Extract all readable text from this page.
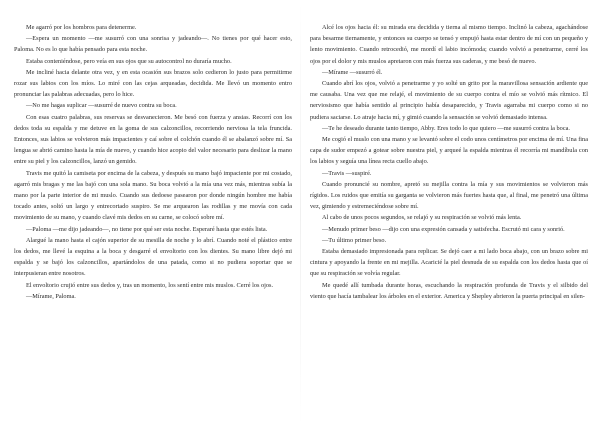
Me agarró por los hombros para detenerme.

—Espera un momento —me susurró con una sonrisa y jadeando—. No tienes por qué hacer esto, Paloma. No es lo que había pensado para esta noche.

Estaba conteniéndose, pero veía en sus ojos que su autocontrol no duraría mucho.

Me incliné hacia delante otra vez, y en esta ocasión sus brazos solo cedieron lo justo para permitirme rozar sus labios con los míos. Lo miré con las cejas arqueadas, decidida. Me llevó un momento entro pronunciar las palabras adecuadas, pero lo hice.

—No me hagas suplicar —susurré de nuevo contra su boca.

Con esas cuatro palabras, sus reservas se desvanecieron. Me besó con fuerza y ansias. Recorrí con los dedos toda su espalda y me detuve en la goma de sus calzoncillos, recorriendo nerviosa la tela fruncida. Entonces, sus labios se volvieron más impacientes y caí sobre el colchón cuando él se abalanzó sobre mí. Sa lengua se abrió camino hasta la mía de nuevo, y cuando hice acopio del valor necesario para deslizar la mano entre su piel y los calzoncillos, lanzó un gemido.

Travis me quitó la camiseta por encima de la cabeza, y después su mano bajó impaciente por mi costado, agarró mis bragas y me las bajó con una sola mano. Su boca volvió a la mía una vez más, mientras subía la mano por la parte interior de mi muslo. Cuando sus dedoese pasearon por donde ningún hombre me había tocado antes, soltó un largo y entrecortado suspiro. Se me arquearon las rodillas y me movía con cada movimiento de su mano, y cuando clavé mis dedos en su carne, se colocó sobre mí.

—Paloma —me dijo jadeando—, no tiene por qué ser esta noche. Esperaré hasta que estés lista.

Alargué la mano hasta el cajón superior de su mesilla de noche y lo abrí. Cuando noté el plástico entre los dedos, me llevé la esquina a la boca y desgarré el envoltorio con los dientes. Su mano libre dejó mi espalda y se bajó los calzoncillos, apartándolos de una patada, como si no pudiera soportar que se interpusieran entre nosotros.

El envoltorio crujió entre sus dedos y, tras un momento, los sentí entre mis muslos. Cerré los ojos.

—Mírame, Paloma.

Alcé los ojos hacia él: su mirada era decidida y tierna al mismo tiempo. Inclinó la cabeza, agachándose para besarme tiernamente, y entonces su cuerpo se tensó y empujó hasta estar dentro de mí con un pequeño y lento movimiento. Cuando retrocedió, me mordí el labio incómoda; cuando volvió a penetrarme, cerré los ojos por el dolor y mis muslos apretaron con más fuerza sus caderas, y me besó de nuevo.

—Mírame —susurró él.

Cuando abrí los ojos, volvió a penetrarme y yo solté un grito por la maravillosa sensación ardiente que me causaba. Una vez que me relajé, el movimiento de su cuerpo contra el mío se volvió más rítmico. El nerviosismo que había sentido al principio había desaparecido, y Travis agarraba mi cuerpo como si no pudiera saciarse. Lo atraje hacia mí, y gimió cuando la sensación se volvió demasiado intensa.

—Te he deseado durante tanto tiempo, Abby. Eres todo lo que quiero —me susurró contra la boca.

Me cogió el muslo con una mano y se levantó sobre el codo unos centímetros por encima de mí. Una fina capa de sudor empezó a gotear sobre nuestra piel, y arqueé la espalda mientras él recorría mi mandíbula con los labios y seguía una línea recta cuello abajo.

—Travis —suspiré.

Cuando pronuncié su nombre, apretó su mejilla contra la mía y sus movimientos se volvieron más rígidos. Los ruidos que emitía su garganta se volvieron más fuertes hasta que, al final, me penetró una última vez, gimiendo y estremeciéndose sobre mí.

Al cabo de unos pocos segundos, se relajó y su respiración se volvió más lenta.

—Menudo primer beso —dijo con una expresión cansada y satisfecha. Escrutó mi cara y sonrió.

—Tu último primer beso.

Estaba demasiado impresionada para replicar. Se dejó caer a mi lado boca abajo, con un brazo sobre mi cintura y apoyando la frente en mi mejilla. Acaricié la piel desnuda de su espalda con los dedos hasta que oí que su respiración se volvía regular.

Me quedé allí tumbada durante horas, escuchando la respiración profunda de Travis y el silbido del viento que hacía tambalear los árboles en el exterior. America y Shepley abrieron la puerta principal en silen-
